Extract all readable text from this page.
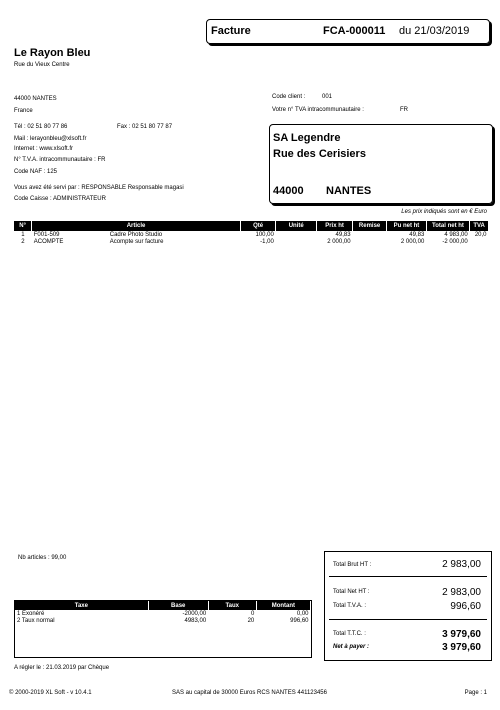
Facture	FCA-000011 du 21/03/2019
Le Rayon Bleu
Rue du Vieux Centre
44000 NANTES
France
Tél : 02 51 80 77 86	Fax : 02 51 80 77 87
Mail : lerayonbleu@xlsoft.fr
Internet : www.xlsoft.fr
N° T.V.A. intracommunautaire : FR
Code NAF : 125
Vous avez été servi par : RESPONSABLE Responsable magasi
Code Caisse : ADMINISTRATEUR
Code client :	001
Votre n° TVA intracommunautaire :	FR
SA Legendre
Rue des Cerisiers
44000 NANTES
Les prix indiqués sont en € Euro
N°	Article	Qté	Unité	Prix ht	Remise	Pu net ht	Total net ht	TVA
1	F001-509 Cadre Photo Studio	100,00		49,83		49,83	4 983,00	20,0
2	ACOMPTE Acompte sur facture	-1,00		2 000,00		2 000,00	-2 000,00	
Nb articles : 99,00
Taxe	Base	Taux	Montant
1 Exonéré	-2000,00	0	0,00
2 Taux normal	4983,00	20	996,60
Total Brut HT :	2 983,00
Total Net HT :	2 983,00
Total T.V.A. :	996,60
Total T.T.C. :	3 979,60
Net à payer :	3 979,60
A régler le : 21.03.2019 par Chèque
© 2000-2019 XL Soft - v 10.4.1	SAS au capital de 30000 Euros RCS NANTES 441123456	Page : 1
